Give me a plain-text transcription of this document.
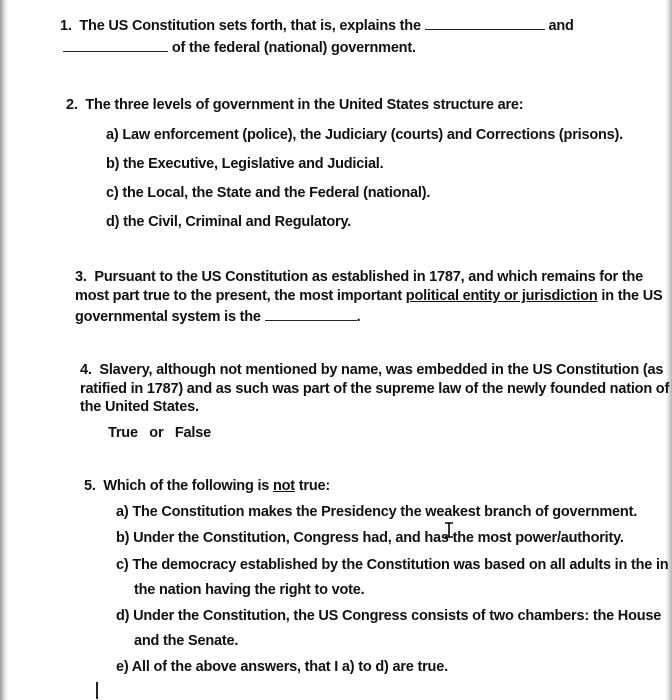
1. The US Constitution sets forth, that is, explains the	and
of the federal (national) government.
2. The three levels of government in the United States structure are:
a) Law enforcement (police), the Judiciary (courts) and Corrections (prisons).
b) the Executive, Legislative and Judicial.
c) the Local, the State and the Federal (national).
d) the Civil, Criminal and Regulatory.
3. Pursuant to the US Constitution as established in 1787, and which remains for the
most part true to the present, the most important political entity or jurisdiction in the US
governmental system is the	.
4. Slavery, although not mentioned by name, was embedded in the US Constitution (as
ratified in 1787) and as such was part of the supreme law of the newly founded nation of
the United States.
True   or   False
5. Which of the following is not true:
a) The Constitution makes the Presidency the weakest branch of government.
b) Under the Constitution, Congress had, and has the most power/authority.
c) The democracy established by the Constitution was based on all adults in the in
the nation having the right to vote.
d) Under the Constitution, the US Congress consists of two chambers: the House
and the Senate.
e) All of the above answers, that I a) to d) are true.
